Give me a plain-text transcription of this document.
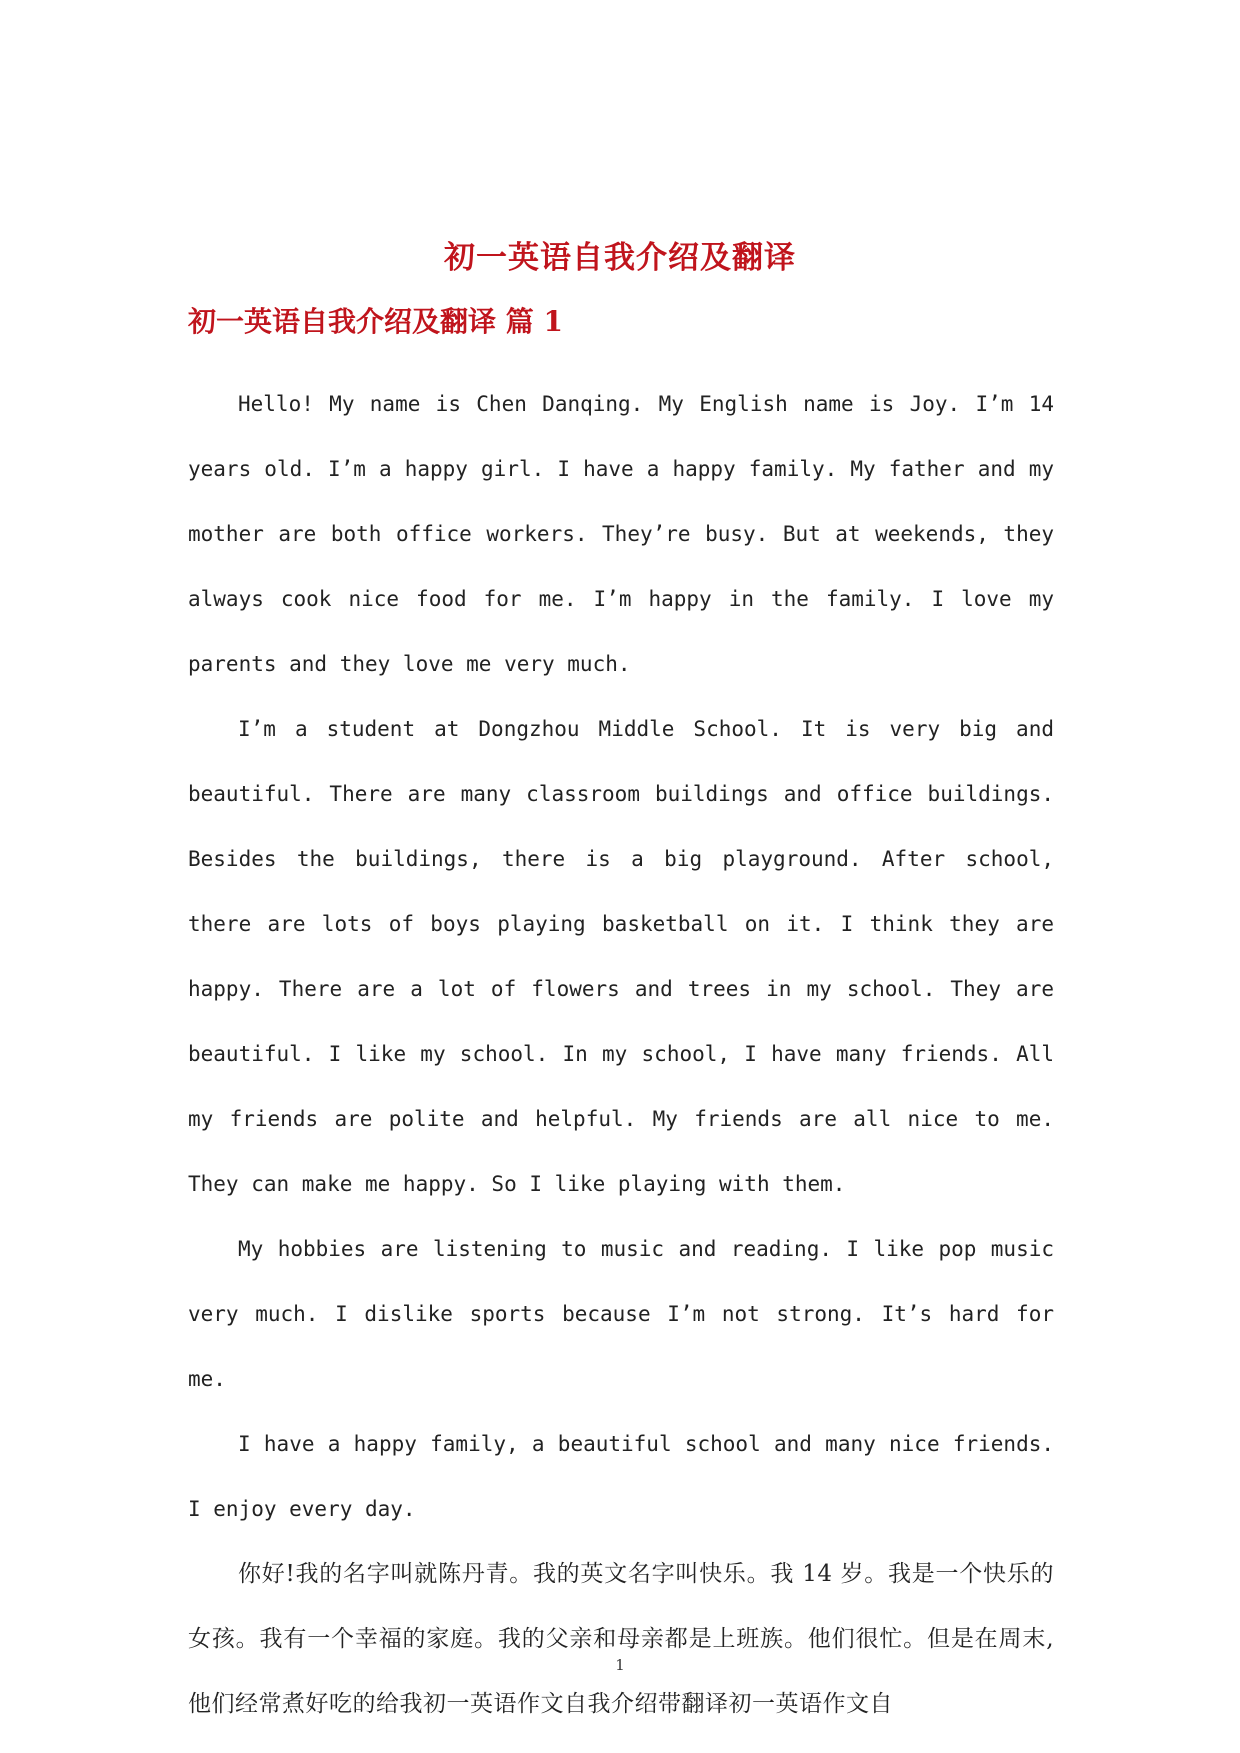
初一英语自我介绍及翻译
初一英语自我介绍及翻译 篇 1

Hello! My name is Chen Danqing. My English name is Joy. I’m 14 years old. I’m a happy girl. I have a happy family. My father and my mother are both office workers. They’re busy. But at weekends, they always cook nice food for me. I’m happy in the family. I love my parents and they love me very much.

I’m a student at Dongzhou Middle School. It is very big and beautiful. There are many classroom buildings and office buildings. Besides the buildings, there is a big playground. After school, there are lots of boys playing basketball on it. I think they are happy. There are a lot of flowers and trees in my school. They are beautiful. I like my school. In my school, I have many friends. All my friends are polite and helpful. My friends are all nice to me. They can make me happy. So I like playing with them.

My hobbies are listening to music and reading. I like pop music very much. I dislike sports because I’m not strong. It’s hard for me.

I have a happy family, a beautiful school and many nice friends. I enjoy every day.

你好!我的名字叫就陈丹青。我的英文名字叫快乐。我 14 岁。我是一个快乐的女孩。我有一个幸福的家庭。我的父亲和母亲都是上班族。他们很忙。但是在周末,他们经常煮好吃的给我初一英语作文自我介绍带翻译初一英语作文自

1
